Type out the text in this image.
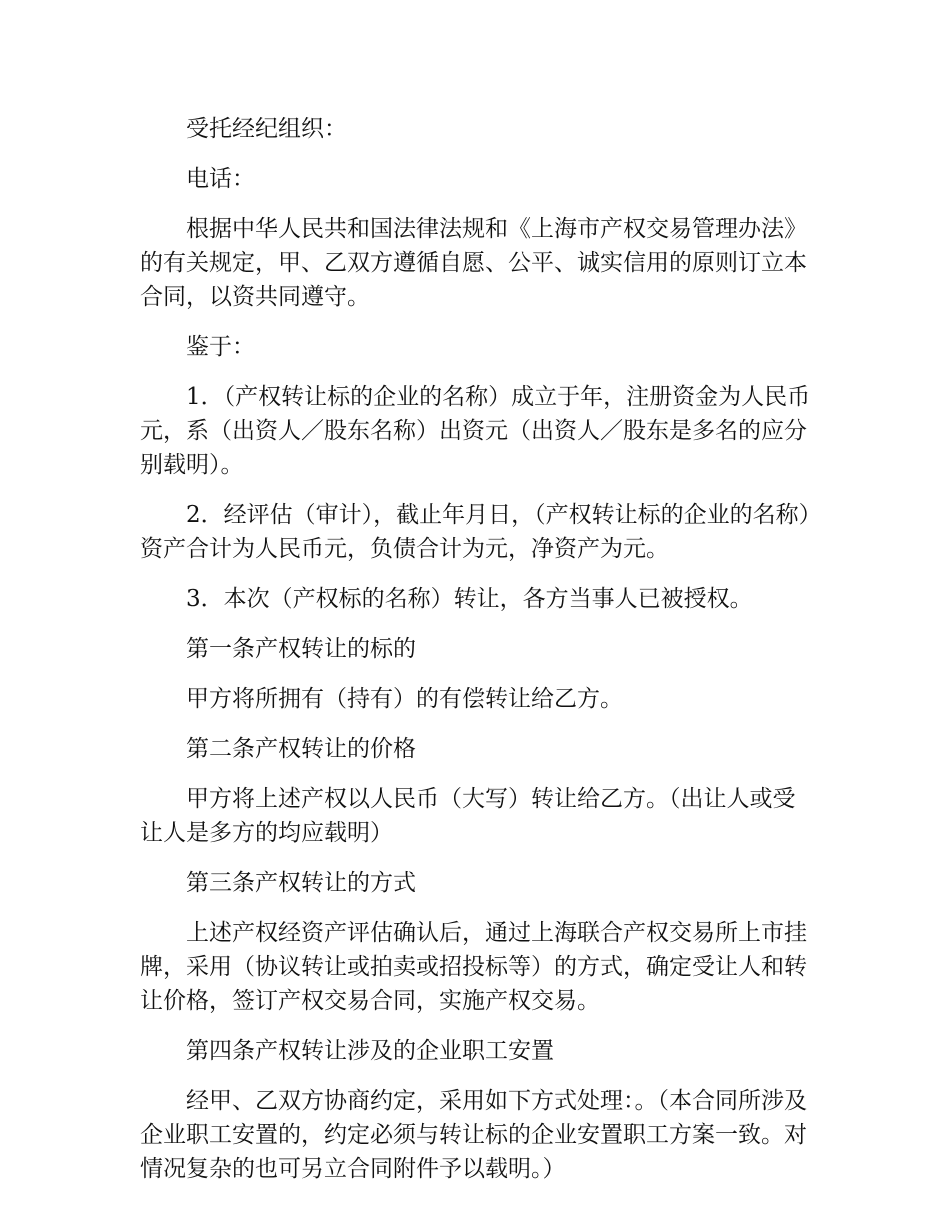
受托经纪组织：

电话：

根据中华人民共和国法律法规和《上海市产权交易管理办法》的有关规定，甲、乙双方遵循自愿、公平、诚实信用的原则订立本合同，以资共同遵守。

鉴于：

1．（产权转让标的企业的名称）成立于年，注册资金为人民币元，系（出资人／股东名称）出资元（出资人／股东是多名的应分别载明）。

2．经评估（审计），截止年月日，（产权转让标的企业的名称）资产合计为人民币元，负债合计为元，净资产为元。

3．本次（产权标的名称）转让，各方当事人已被授权。

第一条产权转让的标的

甲方将所拥有（持有）的有偿转让给乙方。

第二条产权转让的价格

甲方将上述产权以人民币（大写）转让给乙方。（出让人或受让人是多方的均应载明）

第三条产权转让的方式

上述产权经资产评估确认后，通过上海联合产权交易所上市挂牌，采用（协议转让或拍卖或招投标等）的方式，确定受让人和转让价格，签订产权交易合同，实施产权交易。

第四条产权转让涉及的企业职工安置

经甲、乙双方协商约定，采用如下方式处理：。（本合同所涉及企业职工安置的，约定必须与转让标的企业安置职工方案一致。对情况复杂的也可另立合同附件予以载明。）
